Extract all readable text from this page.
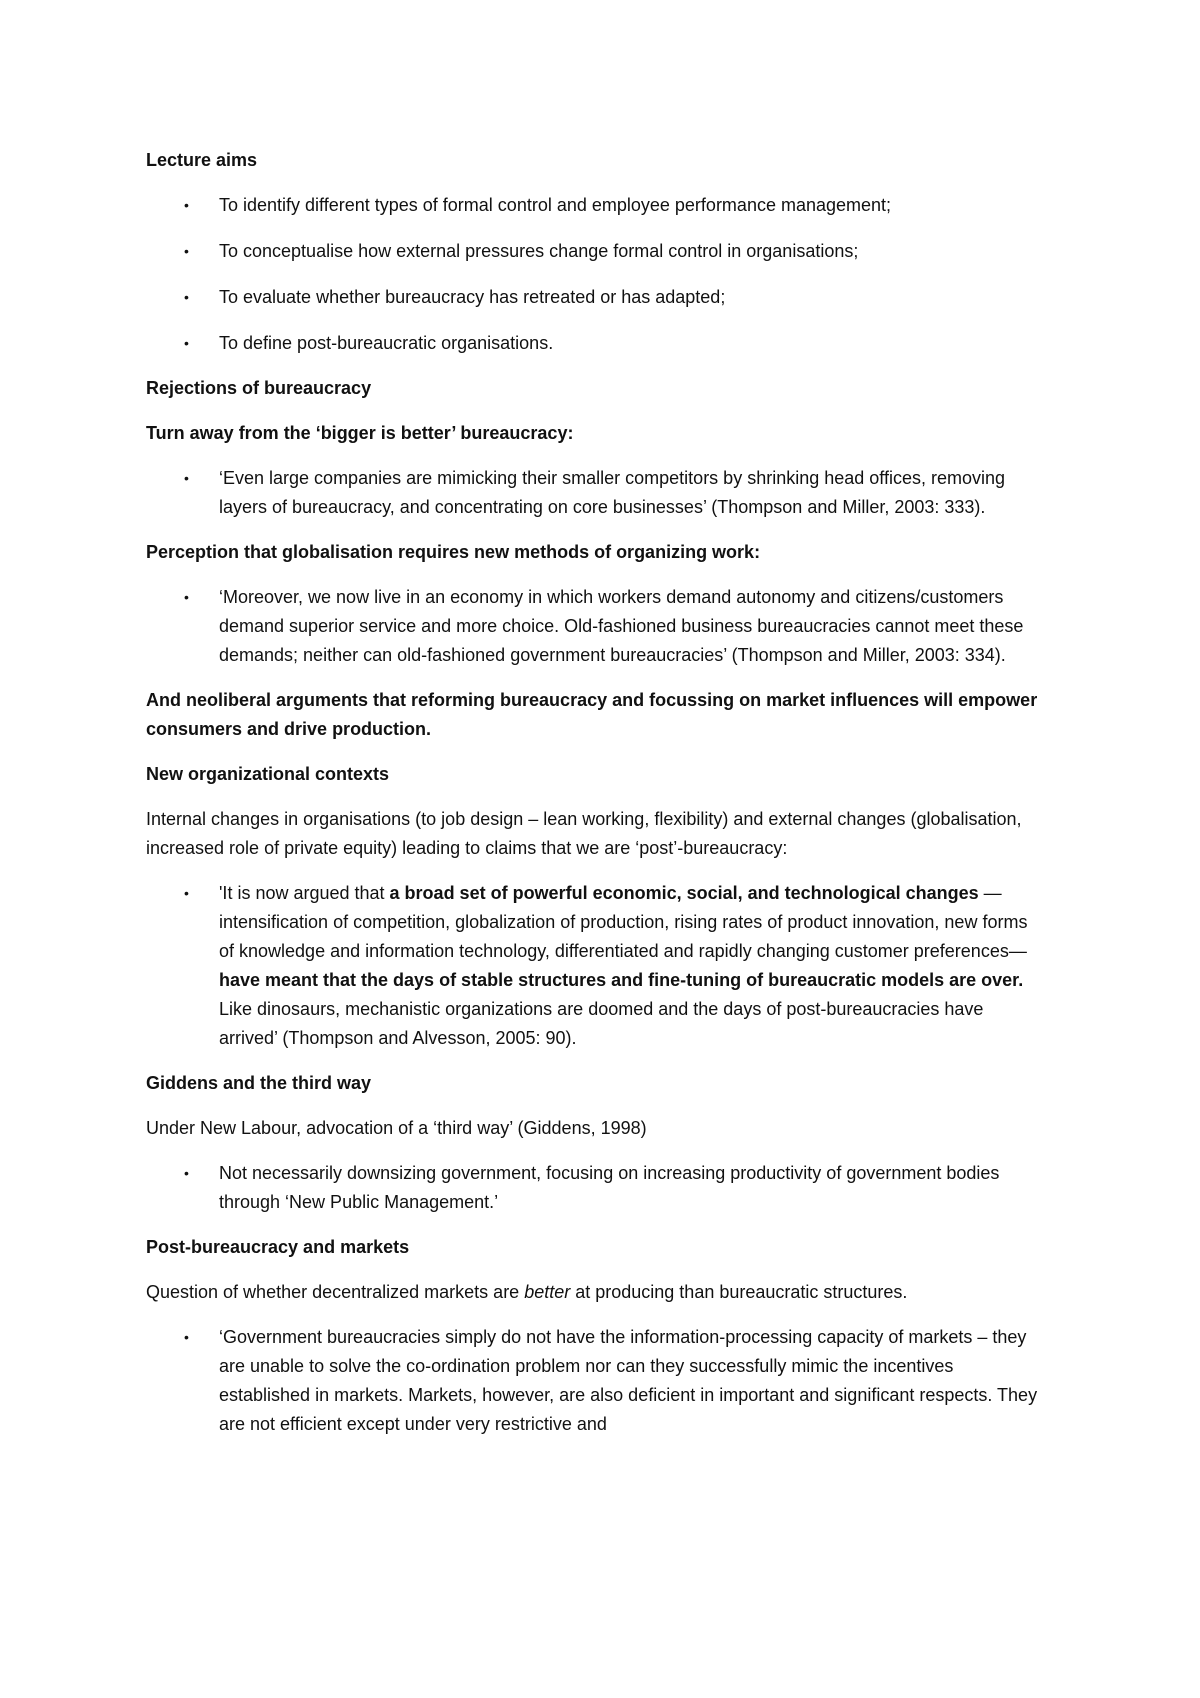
Lecture aims
• To identify different types of formal control and employee performance management;
• To conceptualise how external pressures change formal control in organisations;
• To evaluate whether bureaucracy has retreated or has adapted;
• To define post-bureaucratic organisations.
Rejections of bureaucracy
Turn away from the ‘bigger is better’ bureaucracy:
• ‘Even large companies are mimicking their smaller competitors by shrinking head offices, removing layers of bureaucracy, and concentrating on core businesses’ (Thompson and Miller, 2003: 333).
Perception that globalisation requires new methods of organizing work:
• ‘Moreover, we now live in an economy in which workers demand autonomy and citizens/customers demand superior service and more choice. Old-fashioned business bureaucracies cannot meet these demands; neither can old-fashioned government bureaucracies’ (Thompson and Miller, 2003: 334).
And neoliberal arguments that reforming bureaucracy and focussing on market influences will empower consumers and drive production.
New organizational contexts
Internal changes in organisations (to job design – lean working, flexibility) and external changes (globalisation, increased role of private equity) leading to claims that we are ‘post’-bureaucracy:
• 'It is now argued that a broad set of powerful economic, social, and technological changes —intensification of competition, globalization of production, rising rates of product innovation, new forms of knowledge and information technology, differentiated and rapidly changing customer preferences—have meant that the days of stable structures and fine-tuning of bureaucratic models are over. Like dinosaurs, mechanistic organizations are doomed and the days of post-bureaucracies have arrived’ (Thompson and Alvesson, 2005: 90).
Giddens and the third way
Under New Labour, advocation of a ‘third way’ (Giddens, 1998)
• Not necessarily downsizing government, focusing on increasing productivity of government bodies through ‘New Public Management.’
Post-bureaucracy and markets
Question of whether decentralized markets are better at producing than bureaucratic structures.
• ‘Government bureaucracies simply do not have the information-processing capacity of markets – they are unable to solve the co-ordination problem nor can they successfully mimic the incentives established in markets. Markets, however, are also deficient in important and significant respects. They are not efficient except under very restrictive and
